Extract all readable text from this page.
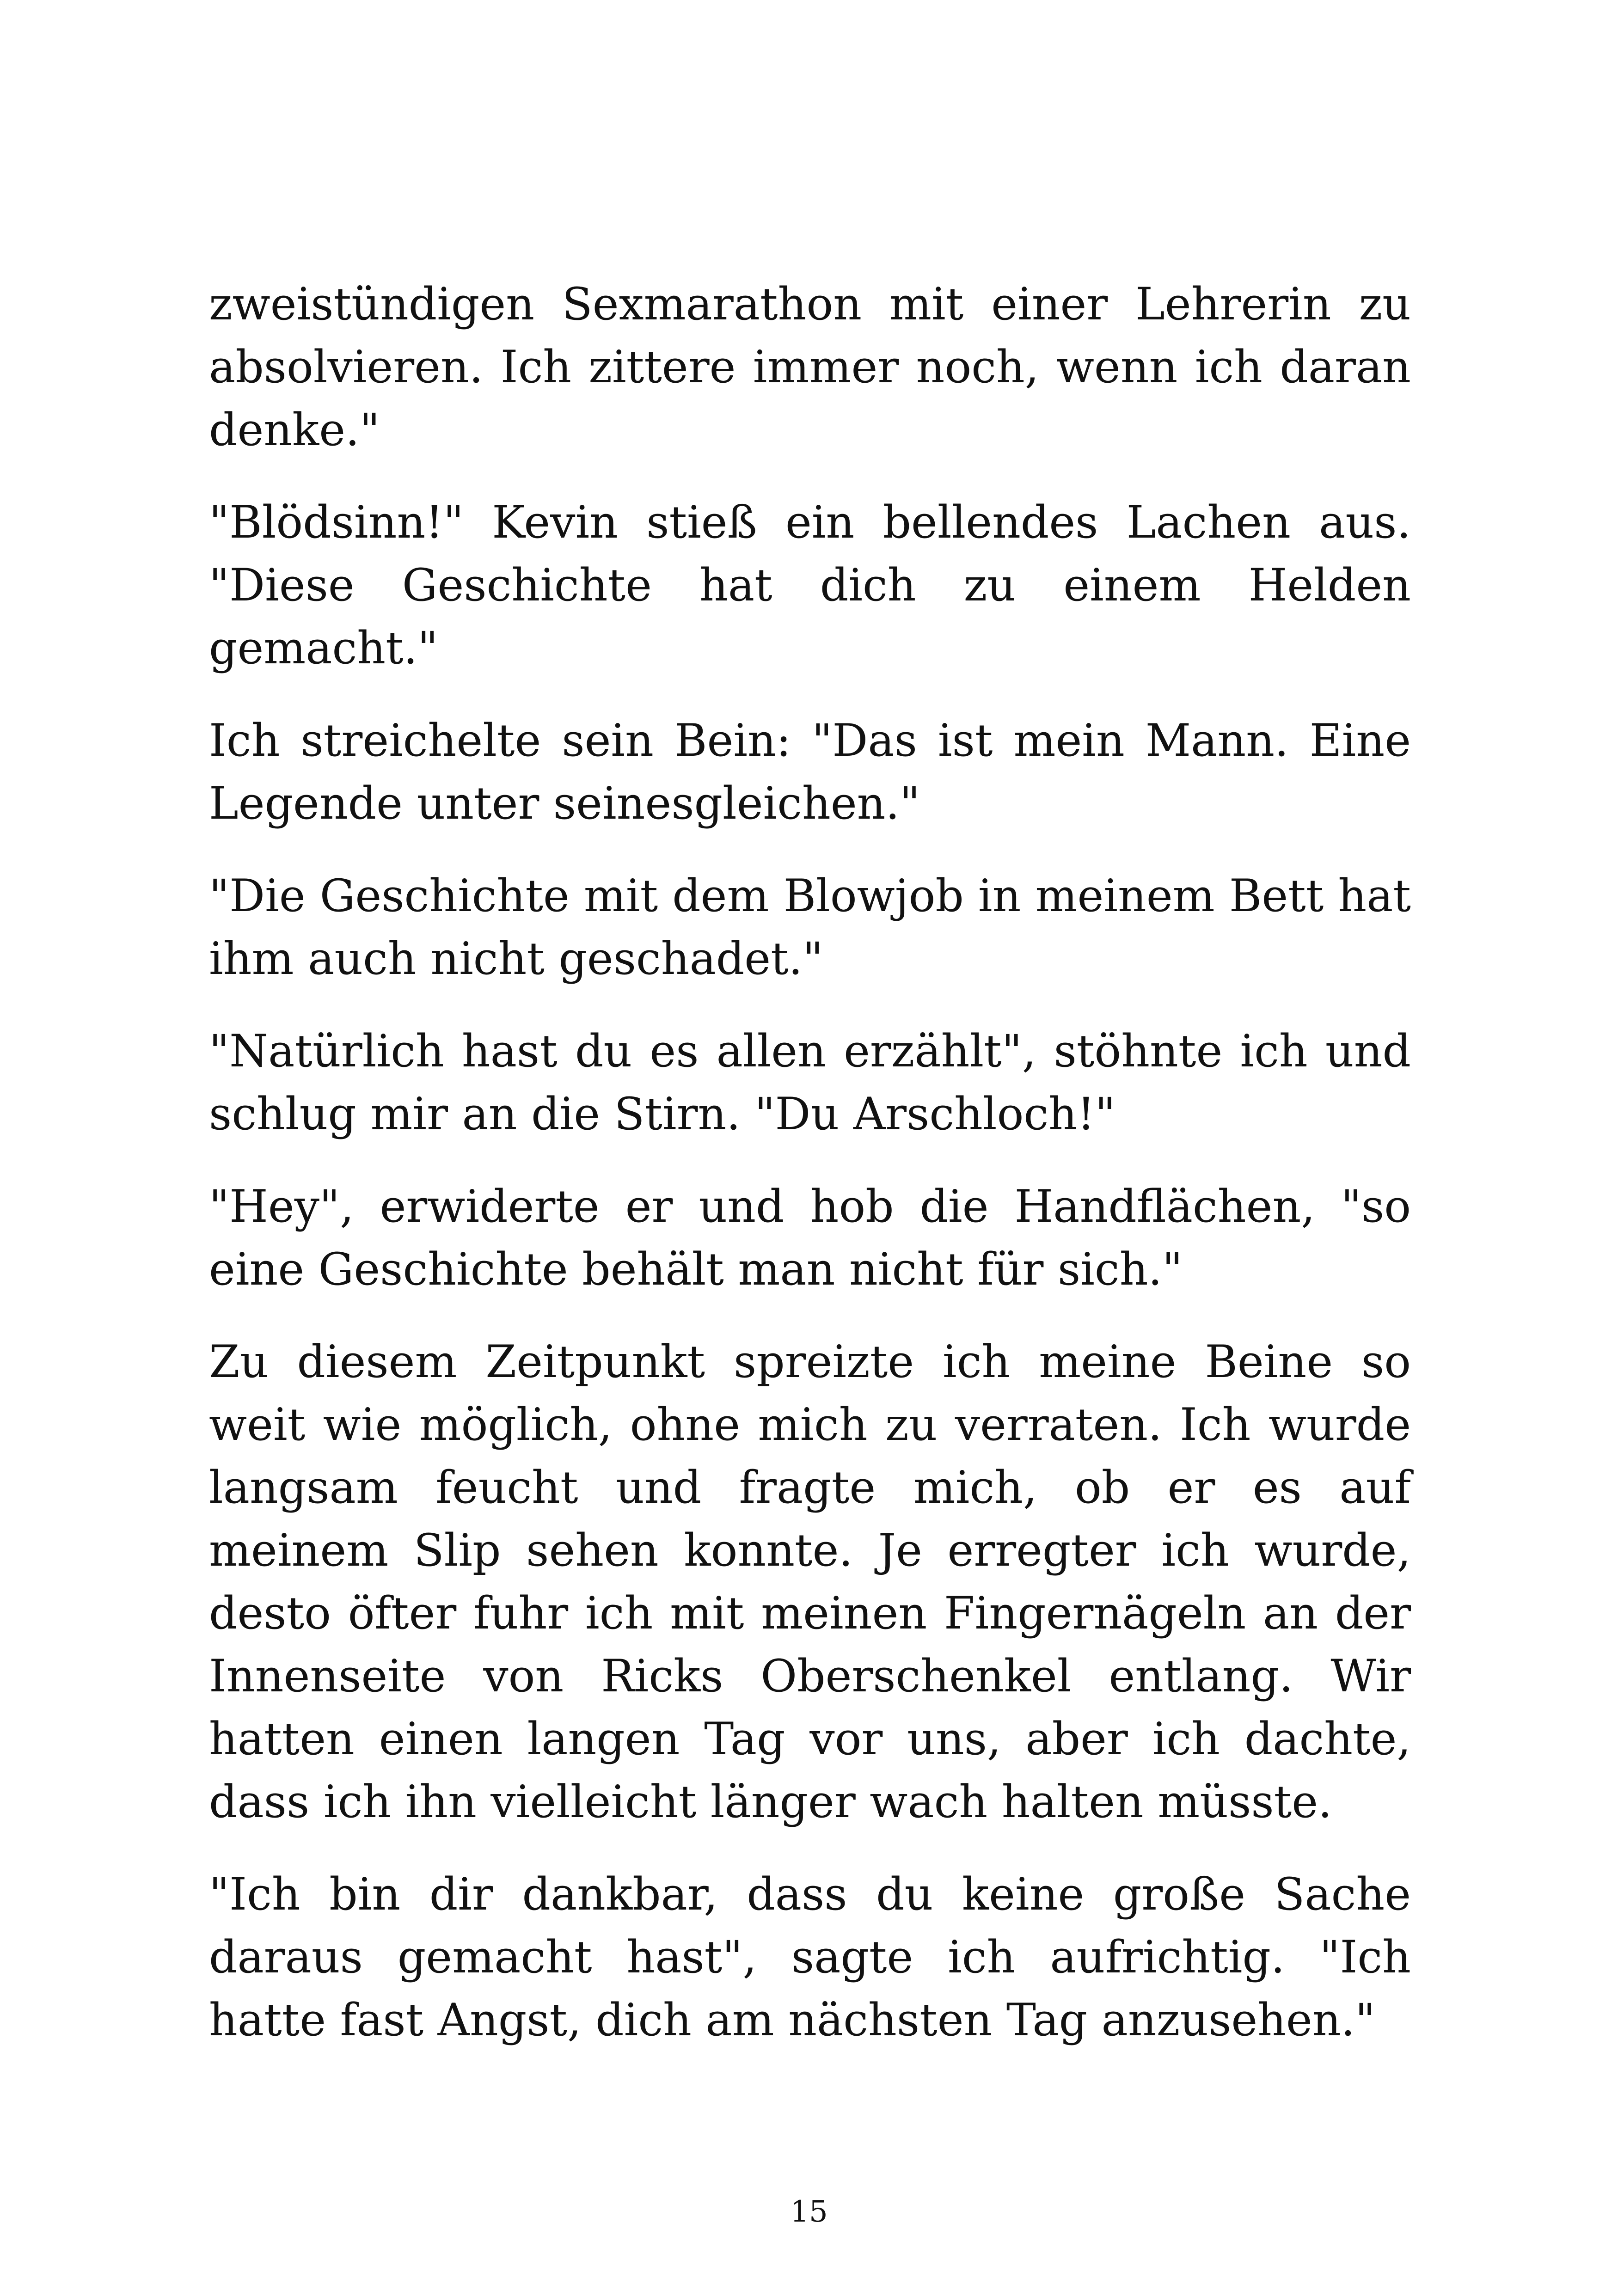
zweistündigen Sexmarathon mit einer Lehrerin zu absolvieren. Ich zittere immer noch, wenn ich daran denke."

"Blödsinn!" Kevin stieß ein bellendes Lachen aus. "Diese Geschichte hat dich zu einem Helden gemacht."

Ich streichelte sein Bein: "Das ist mein Mann. Eine Legende unter seinesgleichen."

"Die Geschichte mit dem Blowjob in meinem Bett hat ihm auch nicht geschadet."

"Natürlich hast du es allen erzählt", stöhnte ich und schlug mir an die Stirn. "Du Arschloch!"

"Hey", erwiderte er und hob die Handflächen, "so eine Geschichte behält man nicht für sich."

Zu diesem Zeitpunkt spreizte ich meine Beine so weit wie möglich, ohne mich zu verraten. Ich wurde langsam feucht und fragte mich, ob er es auf meinem Slip sehen konnte. Je erregter ich wurde, desto öfter fuhr ich mit meinen Fingernägeln an der Innenseite von Ricks Oberschenkel entlang. Wir hatten einen langen Tag vor uns, aber ich dachte, dass ich ihn vielleicht länger wach halten müsste.

"Ich bin dir dankbar, dass du keine große Sache daraus gemacht hast", sagte ich aufrichtig. "Ich hatte fast Angst, dich am nächsten Tag anzusehen."

15
